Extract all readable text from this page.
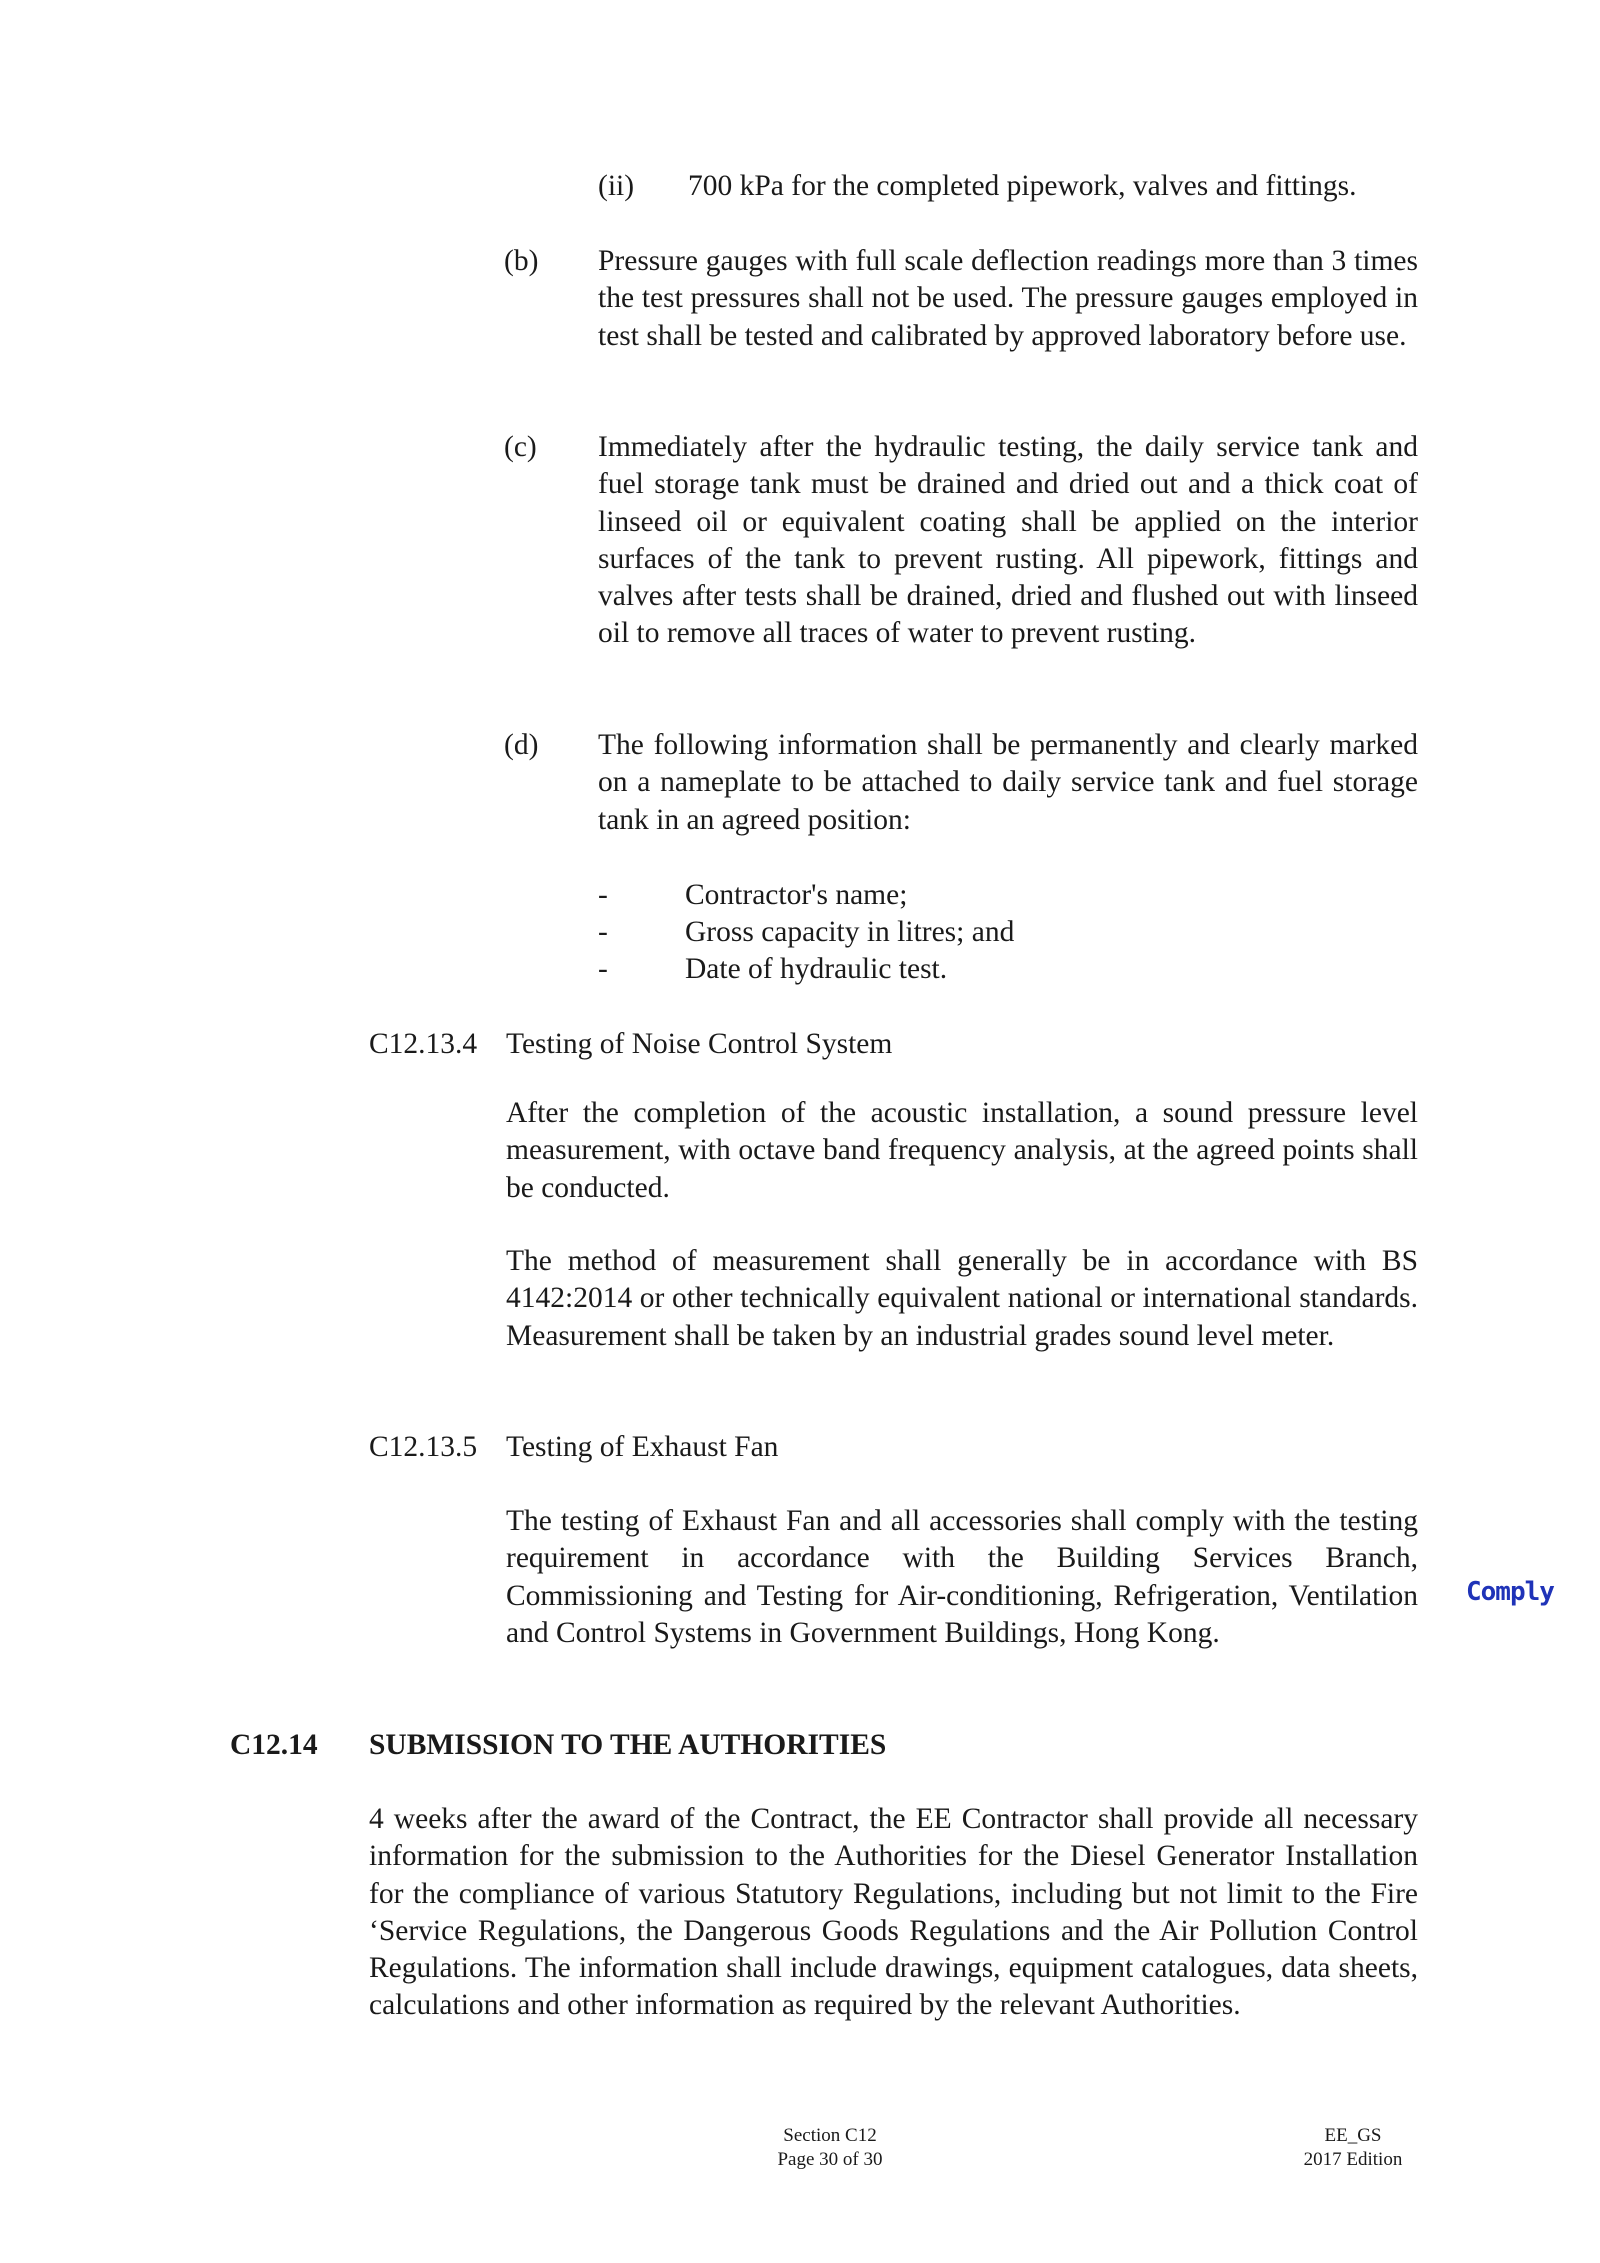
(ii) 700 kPa for the completed pipework, valves and fittings.

(b) Pressure gauges with full scale deflection readings more than 3 times the test pressures shall not be used. The pressure gauges employed in test shall be tested and calibrated by approved laboratory before use.

(c) Immediately after the hydraulic testing, the daily service tank and fuel storage tank must be drained and dried out and a thick coat of linseed oil or equivalent coating shall be applied on the interior surfaces of the tank to prevent rusting. All pipework, fittings and valves after tests shall be drained, dried and flushed out with linseed oil to remove all traces of water to prevent rusting.

(d) The following information shall be permanently and clearly marked on a nameplate to be attached to daily service tank and fuel storage tank in an agreed position:

-	Contractor's name;
-	Gross capacity in litres; and
-	Date of hydraulic test.
C12.13.4 Testing of Noise Control System

After the completion of the acoustic installation, a sound pressure level measurement, with octave band frequency analysis, at the agreed points shall be conducted.

The method of measurement shall generally be in accordance with BS 4142:2014 or other technically equivalent national or international standards. Measurement shall be taken by an industrial grades sound level meter.

C12.13.5 Testing of Exhaust Fan

The testing of Exhaust Fan and all accessories shall comply with the testing requirement in accordance with the Building Services Branch, Commissioning and Testing for Air-conditioning, Refrigeration, Ventilation and Control Systems in Government Buildings, Hong Kong.

Comply
C12.14 SUBMISSION TO THE AUTHORITIES

4 weeks after the award of the Contract, the EE Contractor shall provide all necessary information for the submission to the Authorities for the Diesel Generator Installation for the compliance of various Statutory Regulations, including but not limit to the Fire ‘Service Regulations, the Dangerous Goods Regulations and the Air Pollution Control Regulations. The information shall include drawings, equipment catalogues, data sheets, calculations and other information as required by the relevant Authorities.

Section C12
Page 30 of 30
EE_GS
2017 Edition
